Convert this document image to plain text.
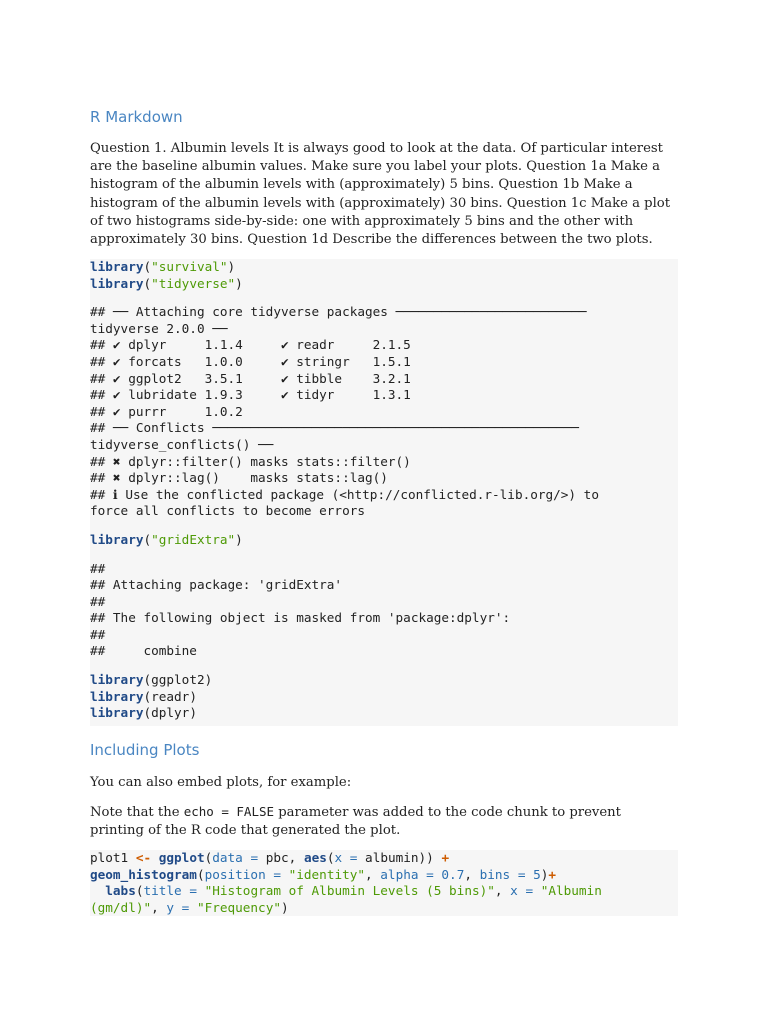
R Markdown

Question 1. Albumin levels It is always good to look at the data. Of particular interest are the baseline albumin values. Make sure you label your plots. Question 1a Make a histogram of the albumin levels with (approximately) 5 bins. Question 1b Make a histogram of the albumin levels with (approximately) 30 bins. Question 1c Make a plot of two histograms side-by-side: one with approximately 5 bins and the other with approximately 30 bins. Question 1d Describe the differences between the two plots.

library("survival")
library("tidyverse")
## ── Attaching core tidyverse packages ─────────────────────────
tidyverse 2.0.0 ──
## ✔ dplyr     1.1.4     ✔ readr     2.1.5
## ✔ forcats   1.0.0     ✔ stringr   1.5.1
## ✔ ggplot2   3.5.1     ✔ tibble    3.2.1
## ✔ lubridate 1.9.3     ✔ tidyr     1.3.1
## ✔ purrr     1.0.2
## ── Conflicts ────────────────────────────────────────────────
tidyverse_conflicts() ──
## ✖ dplyr::filter() masks stats::filter()
## ✖ dplyr::lag()    masks stats::lag()
## ℹ Use the conflicted package (<http://conflicted.r-lib.org/>) to
force all conflicts to become errors
library("gridExtra")
##
## Attaching package: 'gridExtra'
##
## The following object is masked from 'package:dplyr':
##
##     combine
library(ggplot2)
library(readr)
library(dplyr)
Including Plots

You can also embed plots, for example:

Note that the echo = FALSE parameter was added to the code chunk to prevent printing of the R code that generated the plot.

plot1 <- ggplot(data = pbc, aes(x = albumin)) +
geom_histogram(position = "identity", alpha = 0.7, bins = 5)+
labs(title = "Histogram of Albumin Levels (5 bins)", x = "Albumin
(gm/dl)", y = "Frequency")
